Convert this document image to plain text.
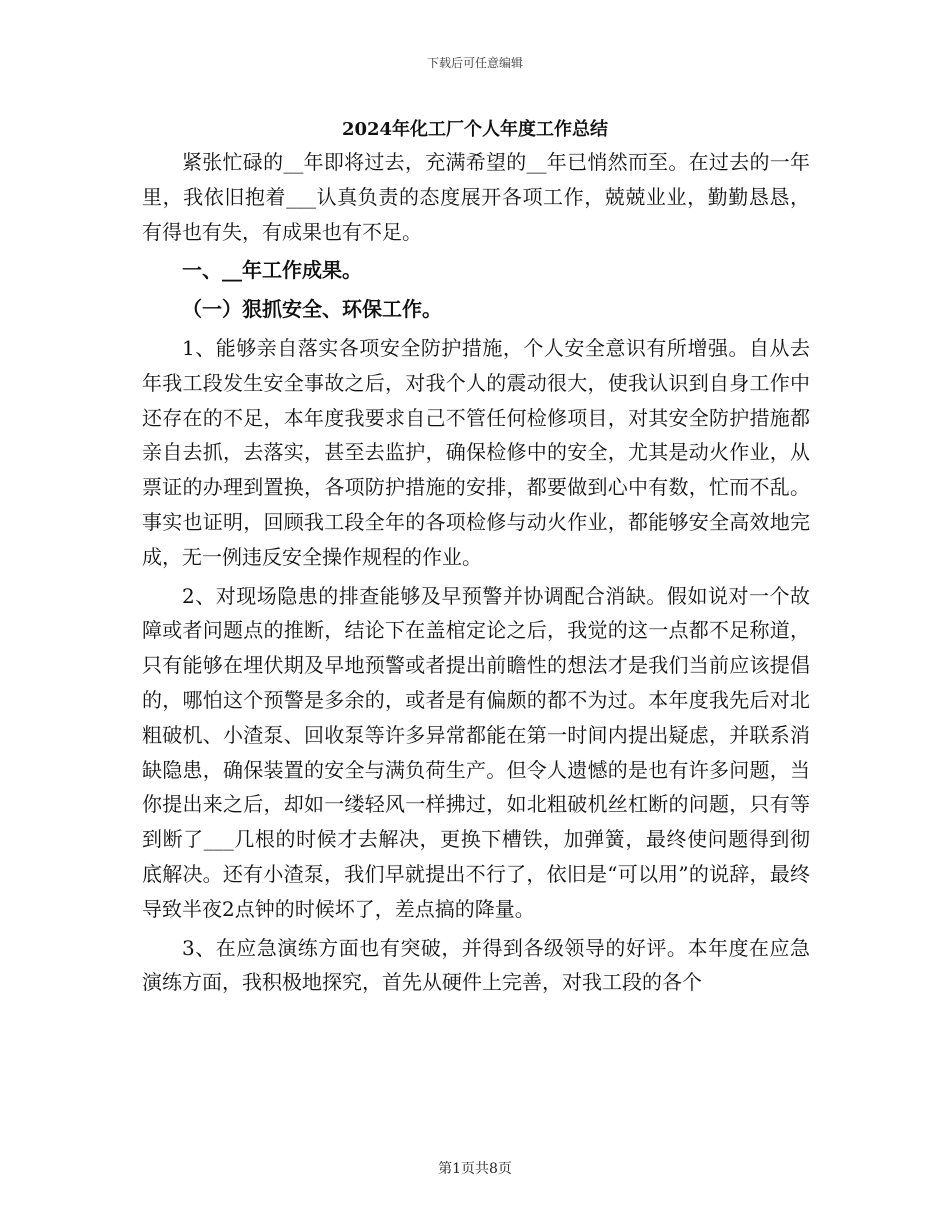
下载后可任意编辑
2024年化工厂个人年度工作总结

紧张忙碌的__年即将过去，充满希望的__年已悄然而至。在过去的一年里，我依旧抱着___认真负责的态度展开各项工作，兢兢业业，勤勤恳恳，有得也有失，有成果也有不足。

一、__年工作成果。

（一）狠抓安全、环保工作。

1、能够亲自落实各项安全防护措施，个人安全意识有所增强。自从去年我工段发生安全事故之后，对我个人的震动很大，使我认识到自身工作中还存在的不足，本年度我要求自己不管任何检修项目，对其安全防护措施都亲自去抓，去落实，甚至去监护，确保检修中的安全，尤其是动火作业，从票证的办理到置换，各项防护措施的安排，都要做到心中有数，忙而不乱。事实也证明，回顾我工段全年的各项检修与动火作业，都能够安全高效地完成，无一例违反安全操作规程的作业。

2、对现场隐患的排查能够及早预警并协调配合消缺。假如说对一个故障或者问题点的推断，结论下在盖棺定论之后，我觉的这一点都不足称道，只有能够在埋伏期及早地预警或者提出前瞻性的想法才是我们当前应该提倡的，哪怕这个预警是多余的，或者是有偏颇的都不为过。本年度我先后对北粗破机、小渣泵、回收泵等许多异常都能在第一时间内提出疑虑，并联系消缺隐患，确保装置的安全与满负荷生产。但令人遗憾的是也有许多问题，当你提出来之后，却如一缕轻风一样拂过，如北粗破机丝杠断的问题，只有等到断了___几根的时候才去解决，更换下槽铁，加弹簧，最终使问题得到彻底解决。还有小渣泵，我们早就提出不行了，依旧是“可以用”的说辞，最终导致半夜2点钟的时候坏了，差点搞的降量。

3、在应急演练方面也有突破，并得到各级领导的好评。本年度在应急演练方面，我积极地探究，首先从硬件上完善，对我工段的各个

第1页共8页
